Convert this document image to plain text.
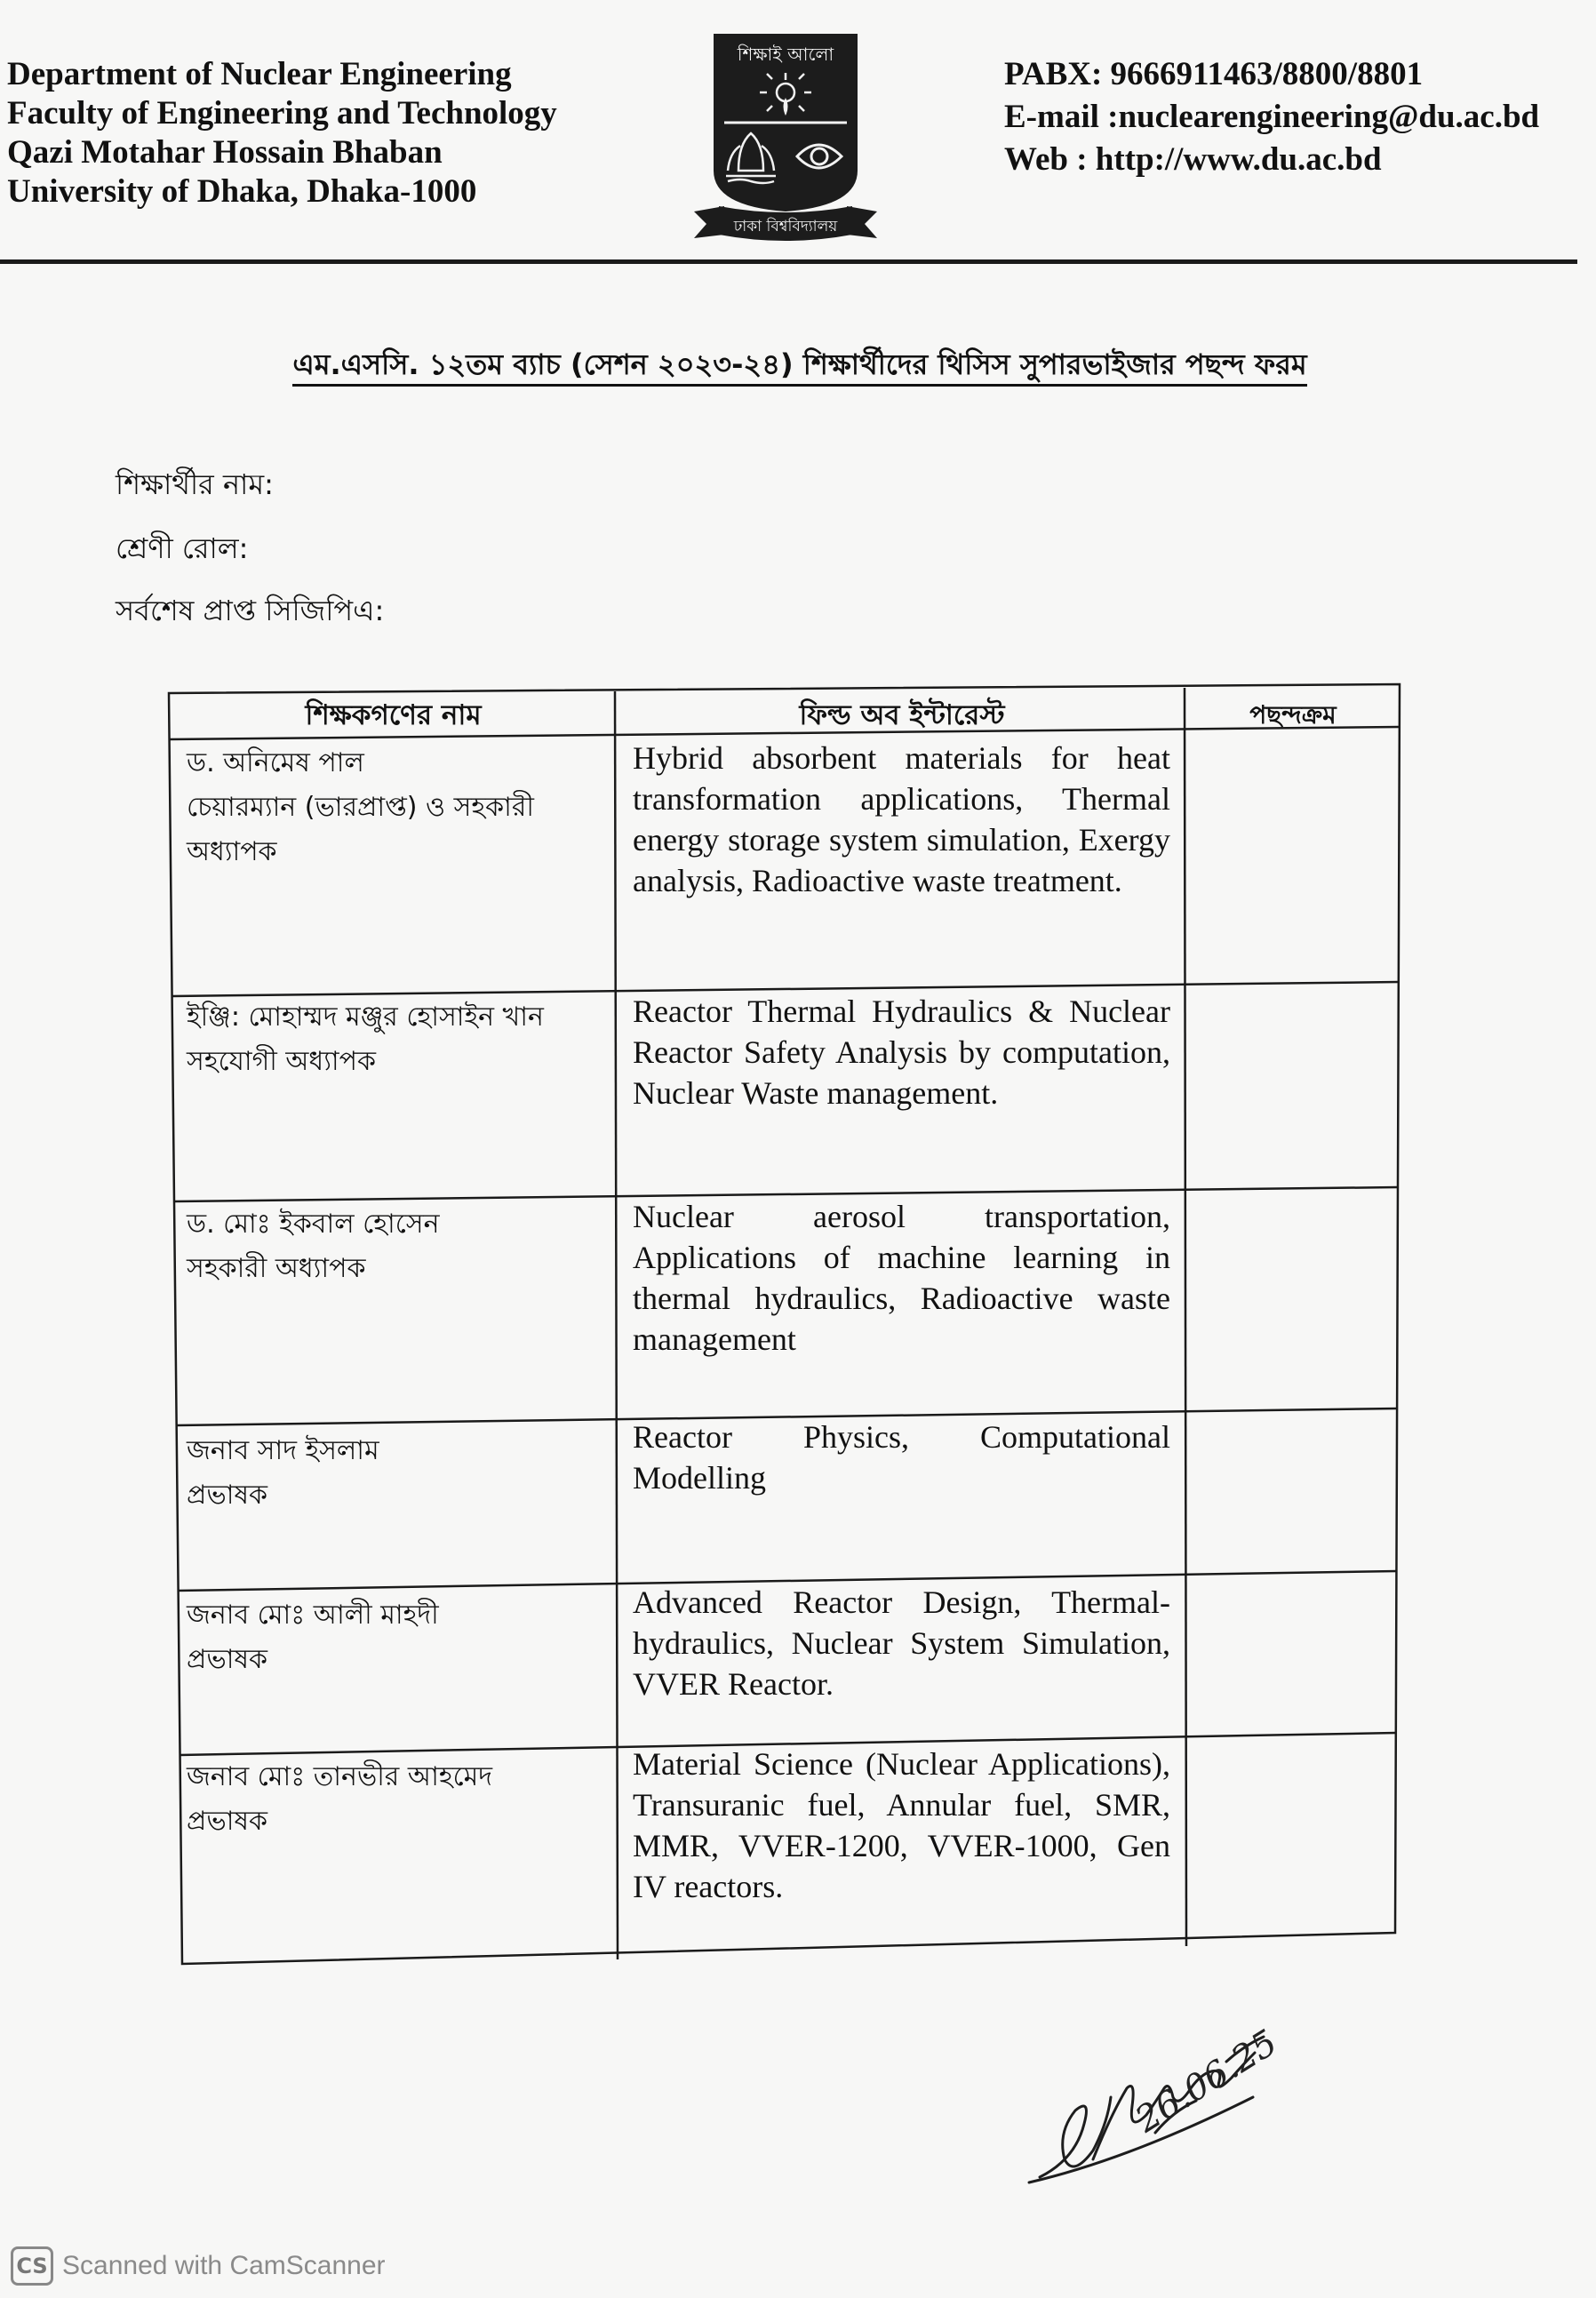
Department of Nuclear Engineering
Faculty of Engineering and Technology
Qazi Motahar Hossain Bhaban
University of Dhaka, Dhaka-1000
শিক্ষাই আলো
ঢাকা বিশ্ববিদ্যালয়
PABX: 9666911463/8800/8801
E-mail :nuclearengineering@du.ac.bd
Web : http://www.du.ac.bd
এম.এসসি. ১২তম ব্যাচ (সেশন ২০২৩-২৪) শিক্ষার্থীদের থিসিস সুপারভাইজার পছন্দ ফরম
শিক্ষার্থীর নাম:
শ্রেণী রোল:
সর্বশেষ প্রাপ্ত সিজিপিএ:
শিক্ষকগণের নাম	ফিল্ড অব ইন্টারেস্ট	পছন্দক্রম
ড. অনিমেষ পাল
চেয়ারম্যান (ভারপ্রাপ্ত) ও সহকারী
অধ্যাপক
Hybrid absorbent materials for heat transformation applications, Thermal energy storage system simulation, Exergy analysis, Radioactive waste treatment.
ইঞ্জি: মোহাম্মদ মঞ্জুর হোসাইন খান
সহযোগী অধ্যাপক
Reactor Thermal Hydraulics & Nuclear Reactor Safety Analysis by computation, Nuclear Waste management.
ড. মোঃ ইকবাল হোসেন
সহকারী অধ্যাপক
Nuclear aerosol transportation, Applications of machine learning in thermal hydraulics, Radioactive waste management
জনাব সাদ ইসলাম
প্রভাষক
Reactor Physics, Computational Modelling
জনাব মোঃ আলী মাহদী
প্রভাষক
Advanced Reactor Design, Thermal-hydraulics, Nuclear System Simulation, VVER Reactor.
জনাব মোঃ তানভীর আহমেদ
প্রভাষক
Material Science (Nuclear Applications), Transuranic fuel, Annular fuel, SMR, MMR, VVER-1200, VVER-1000, Gen IV reactors.
26.06.25
CS Scanned with CamScanner
